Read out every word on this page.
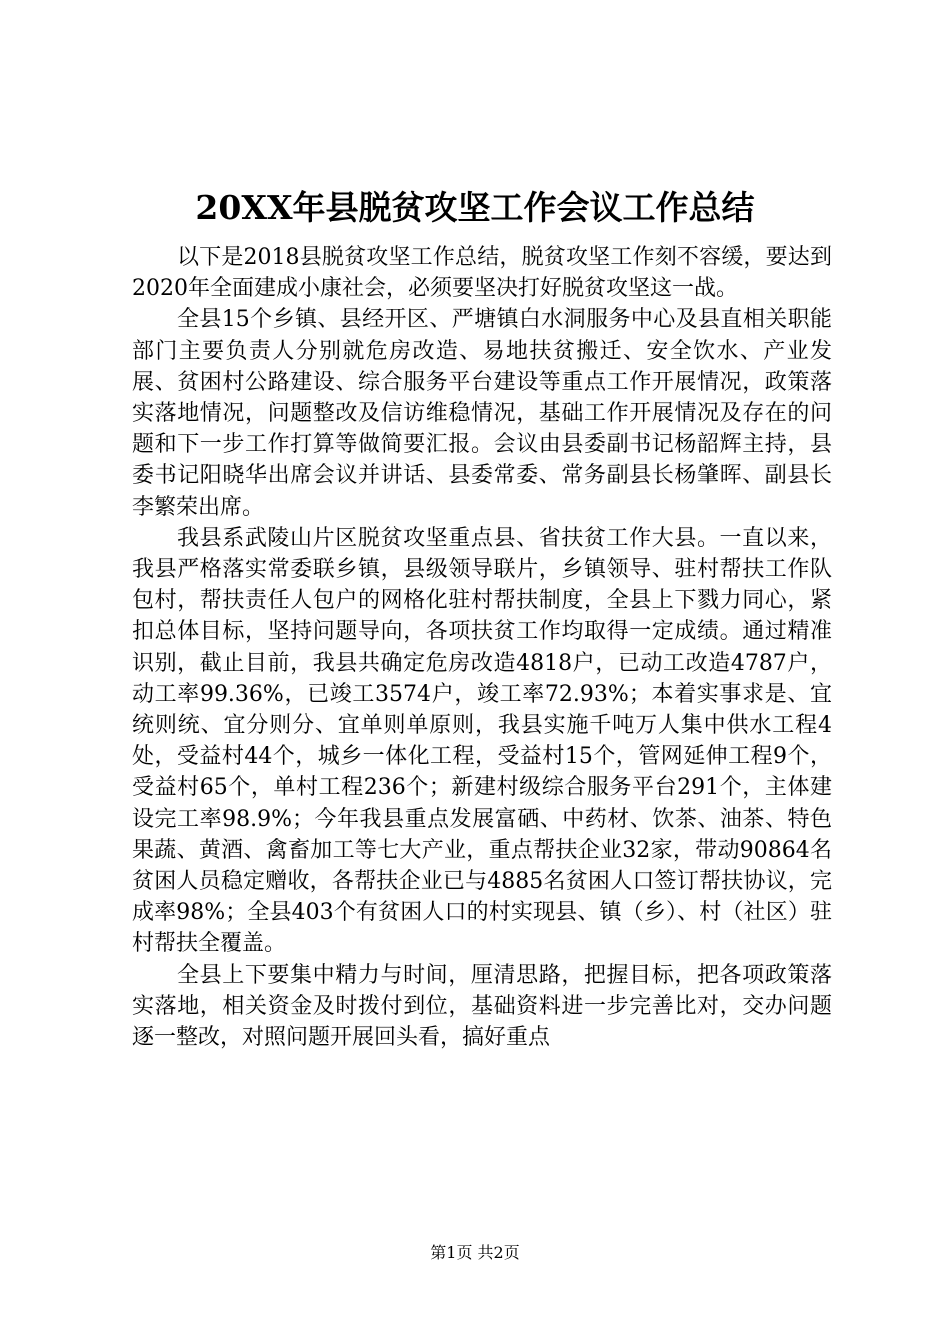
20XX年县脱贫攻坚工作会议工作总结

以下是2018县脱贫攻坚工作总结，脱贫攻坚工作刻不容缓，要达到2020年全面建成小康社会，必须要坚决打好脱贫攻坚这一战。

全县15个乡镇、县经开区、严塘镇白水洞服务中心及县直相关职能部门主要负责人分别就危房改造、易地扶贫搬迁、安全饮水、产业发展、贫困村公路建设、综合服务平台建设等重点工作开展情况，政策落实落地情况，问题整改及信访维稳情况，基础工作开展情况及存在的问题和下一步工作打算等做简要汇报。会议由县委副书记杨韶辉主持，县委书记阳晓华出席会议并讲话、县委常委、常务副县长杨肇晖、副县长李繁荣出席。

我县系武陵山片区脱贫攻坚重点县、省扶贫工作大县。一直以来，我县严格落实常委联乡镇，县级领导联片，乡镇领导、驻村帮扶工作队包村，帮扶责任人包户的网格化驻村帮扶制度，全县上下戮力同心，紧扣总体目标，坚持问题导向，各项扶贫工作均取得一定成绩。通过精准识别，截止目前，我县共确定危房改造4818户，已动工改造4787户，动工率99.36%，已竣工3574户，竣工率72.93%；本着实事求是、宜统则统、宜分则分、宜单则单原则，我县实施千吨万人集中供水工程4处，受益村44个，城乡一体化工程，受益村15个，管网延伸工程9个，受益村65个，单村工程236个；新建村级综合服务平台291个，主体建设完工率98.9%；今年我县重点发展富硒、中药材、饮茶、油茶、特色果蔬、黄酒、禽畜加工等七大产业，重点帮扶企业32家，带动90864名贫困人员稳定赠收，各帮扶企业已与4885名贫困人口签订帮扶协议，完成率98%；全县403个有贫困人口的村实现县、镇（乡）、村（社区）驻村帮扶全覆盖。

全县上下要集中精力与时间，厘清思路，把握目标，把各项政策落实落地，相关资金及时拨付到位，基础资料进一步完善比对，交办问题逐一整改，对照问题开展回头看，搞好重点

第1页 共2页
